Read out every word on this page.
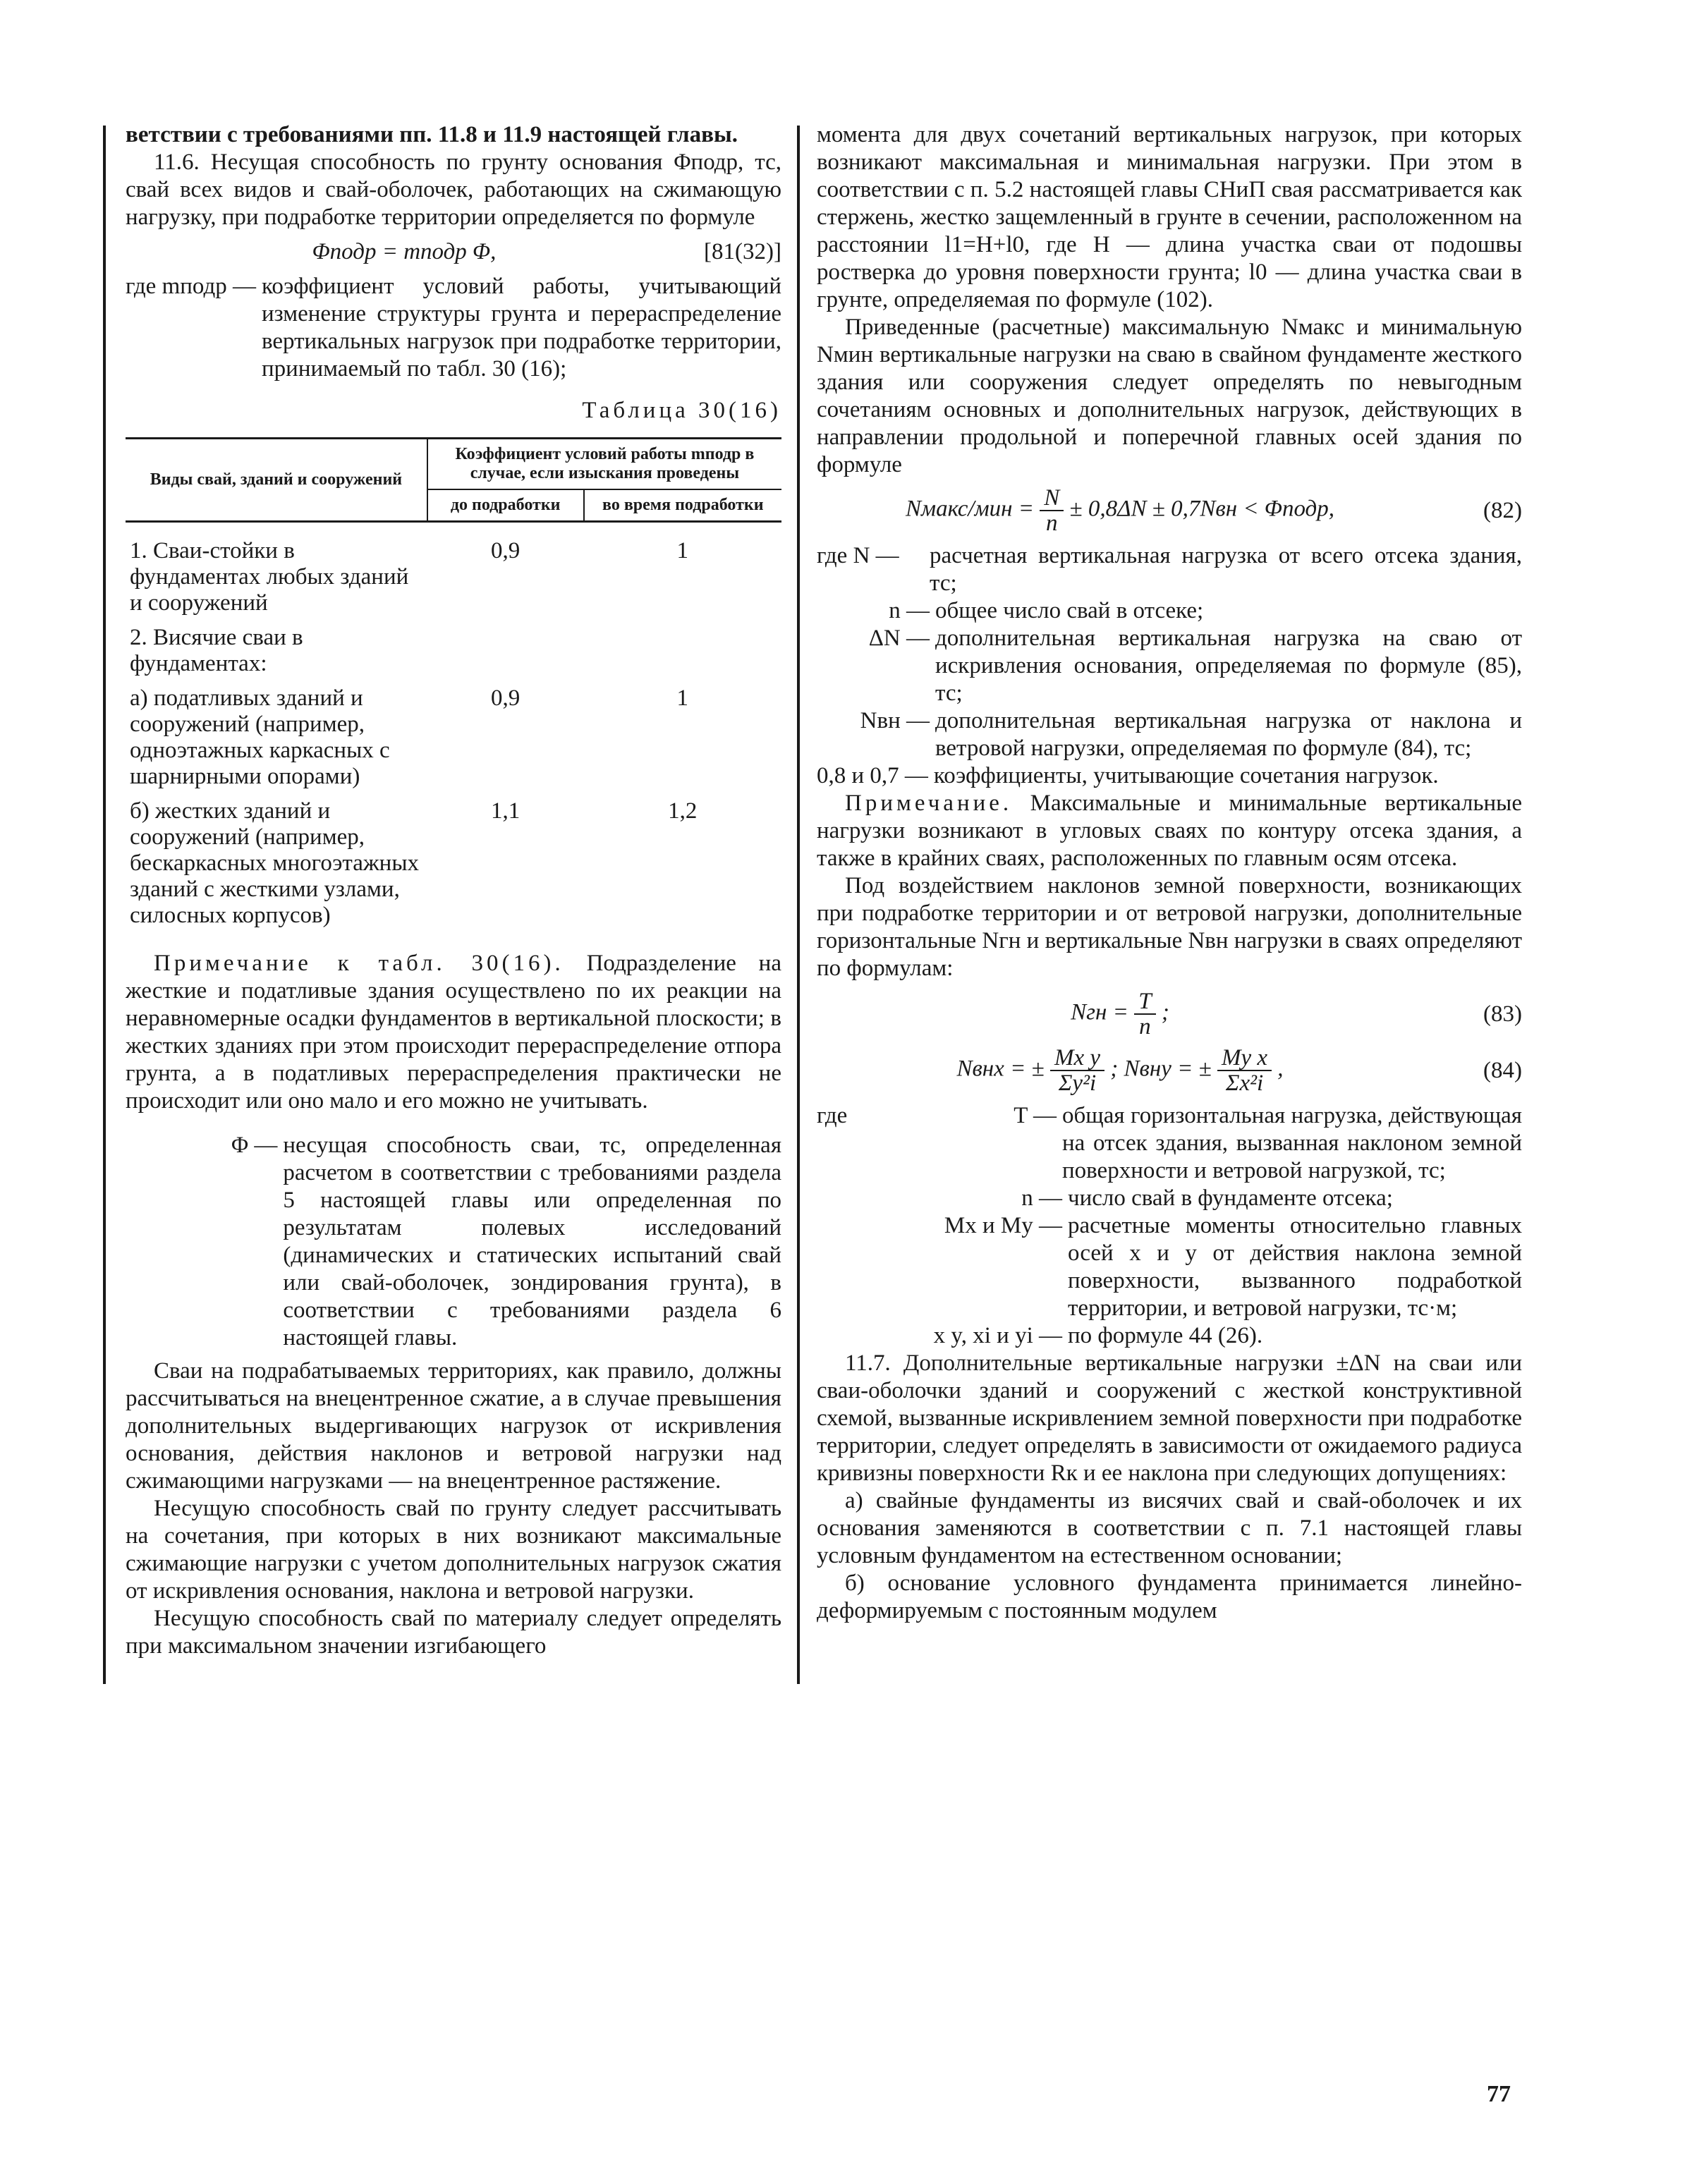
ветствии с требованиями пп. 11.8 и 11.9 настоящей главы.

11.6. Несущая способность по грунту основания Φподр, тс, свай всех видов и свай-оболочек, работающих на сжимающую нагрузку, при подработке территории определяется по формуле

Φподр = mподр Φ,	[81(32)]
где mподр — коэффициент условий работы, учитывающий изменение структуры грунта и перераспределение вертикальных нагрузок при подработке территории, принимаемый по табл. 30 (16);
Таблица 30(16)
Виды свай, зданий и сооружений	Коэффициент условий работы mподр в случае, если изыскания проведены	
	до подработки	во время подработки

1. Сваи-стойки в фундаментах любых зданий и сооружений	0,9	1
2. Висячие сваи в фундаментах:		
а) податливых зданий и сооружений (например, одноэтажных каркасных с шарнирными опорами)	0,9	1
б) жестких зданий и сооружений (например, бескаркасных многоэтажных зданий с жесткими узлами, силосных корпусов)	1,1	1,2

Примечание к табл. 30(16). Подразделение на жесткие и податливые здания осуществлено по их реакции на неравномерные осадки фундаментов в вертикальной плоскости; в жестких зданиях при этом происходит перераспределение отпора грунта, а в податливых перераспределения практически не происходит или оно мало и его можно не учитывать.

Φ — несущая способность сваи, тс, определенная расчетом в соответствии с требованиями раздела 5 настоящей главы или определенная по результатам полевых исследований (динамических и статических испытаний свай или свай-оболочек, зондирования грунта), в соответствии с требованиями раздела 6 настоящей главы.

Сваи на подрабатываемых территориях, как правило, должны рассчитываться на внецентренное сжатие, а в случае превышения дополнительных выдергивающих нагрузок от искривления основания, действия наклонов и ветровой нагрузки над сжимающими нагрузками — на внецентренное растяжение.

Несущую способность свай по грунту следует рассчитывать на сочетания, при которых в них возникают максимальные сжимающие нагрузки с учетом дополнительных нагрузок сжатия от искривления основания, наклона и ветровой нагрузки.

Несущую способность свай по материалу следует определять при максимальном значении изгибающего

момента для двух сочетаний вертикальных нагрузок, при которых возникают максимальная и минимальная нагрузки. При этом в соответствии с п. 5.2 настоящей главы СНиП свая рассматривается как стержень, жестко защемленный в грунте в сечении, расположенном на расстоянии l1=H+l0, где H — длина участка сваи от подошвы ростверка до уровня поверхности грунта; l0 — длина участка сваи в грунте, определяемая по формуле (102).

Приведенные (расчетные) максимальную Nмакс и минимальную Nмин вертикальные нагрузки на сваю в свайном фундаменте жесткого здания или сооружения следует определять по невыгодным сочетаниям основных и дополнительных нагрузок, действующих в направлении продольной и поперечной главных осей здания по формуле

Nмакс/мин = $\frac{N}{n} \pm 0,8\Delta N \pm 0,7Nвн$ < Φподр,	(82)
где N —	расчетная вертикальная нагрузка от всего отсека здания, тс;
n — общее число свай в отсеке;
ΔN — дополнительная вертикальная нагрузка на сваю от искривления основания, определяемая по формуле (85), тс;
Nвн — дополнительная вертикальная нагрузка от наклона и ветровой нагрузки, определяемая по формуле (84), тс;
0,8 и 0,7 — коэффициенты, учитывающие сочетания нагрузок.

Примечание. Максимальные и минимальные вертикальные нагрузки возникают в угловых сваях по контуру отсека здания, а также в крайних сваях, расположенных по главным осям отсека.

Под воздействием наклонов земной поверхности, возникающих при подработке территории и от ветровой нагрузки, дополнительные горизонтальные Nгн и вертикальные Nвн нагрузки в сваях определяют по формулам:

Nгн = $\frac{T}{n}$ ;	(83)
Nвнх = ± $\frac{\text{Mx y}}{\text{Σy²i}}$ ; Nвну = ± $\frac{\text{My x}}{\text{Σx²i}}$ ,	(84)
где	T — общая горизонтальная нагрузка, действующая на отсек здания, вызванная наклоном земной поверхности и ветровой нагрузкой, тс;
n — число свай в фундаменте отсека;
Mx и My — расчетные моменты относительно главных осей x и y от действия наклона земной поверхности, вызванного подработкой территории, и ветровой нагрузки, тс·м;
x y, xi и yi — по формуле 44 (26).

11.7. Дополнительные вертикальные нагрузки ±ΔN на сваи или сваи-оболочки зданий и сооружений с жесткой конструктивной схемой, вызванные искривлением земной поверхности при подработке территории, следует определять в зависимости от ожидаемого радиуса кривизны поверхности Rк и ее наклона при следующих допущениях:

а) свайные фундаменты из висячих свай и свай-оболочек и их основания заменяются в соответствии с п. 7.1 настоящей главы условным фундаментом на естественном основании;

б) основание условного фундамента принимается линейно-деформируемым с постоянным модулем

77
